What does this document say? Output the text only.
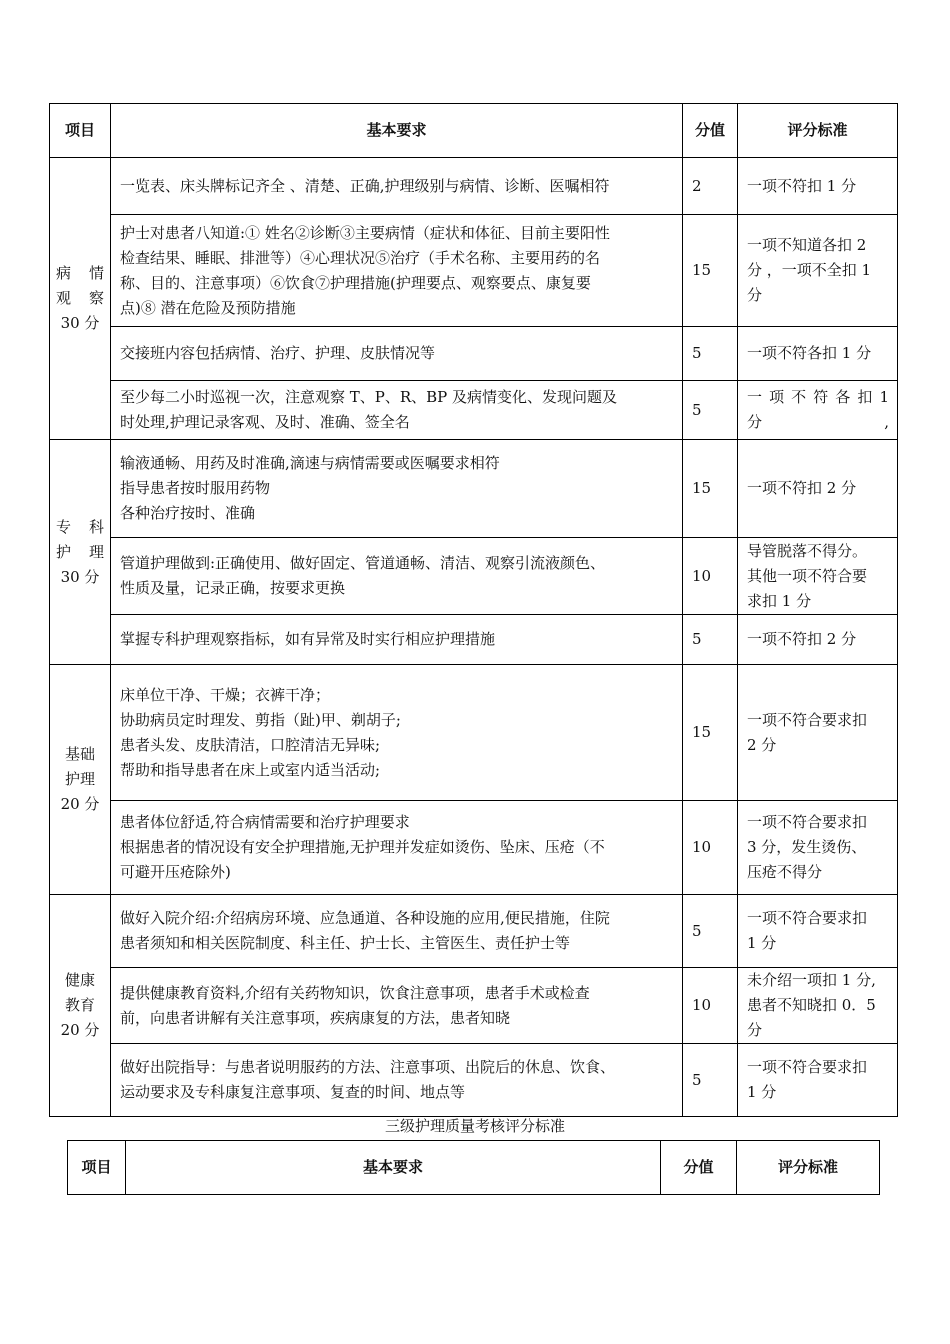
项目	基本要求	分值	评分标准

病 情
观 察
30 分	一览表、床头牌标记齐全 、清楚、正确,护理级别与病情、诊断、医嘱相符	2	一项不符扣 1 分

	护士对患者八知道:① 姓名②诊断③主要病情（症状和体征、目前主要阳性
检查结果、睡眠、排泄等）④心理状况⑤治疗（手术名称、主要用药的名
称、目的、注意事项）⑥饮食⑦护理措施(护理要点、观察要点、康复要
点)⑧ 潜在危险及预防措施	15	一项不知道各扣 2
分 ，一项不全扣 1
分

	交接班内容包括病情、治疗、护理、皮肤情况等	5	一项不符各扣 1 分

	至少每二小时巡视一次，注意观察 T、P、R、BP 及病情变化、发现问题及
时处理,护理记录客观、及时、准确、签全名	5	一 项 不 符 各 扣 1
分,

专 科
护 理
30 分	输液通畅、用药及时准确,滴速与病情需要或医嘱要求相符
指导患者按时服用药物
各种治疗按时、准确	15	一项不符扣 2 分

	管道护理做到:正确使用、做好固定、管道通畅、清洁、观察引流液颜色、
性质及量，记录正确，按要求更换	10	导管脱落不得分。
其他一项不符合要
求扣 1 分

	掌握专科护理观察指标，如有异常及时实行相应护理措施	5	一项不符扣 2 分

基础
护理
20 分	床单位干净、干燥；衣裤干净；
协助病员定时理发、剪指（趾)甲、剃胡子;
患者头发、皮肤清洁，口腔清洁无异味;
帮助和指导患者在床上或室内适当活动;	15	一项不符合要求扣
2 分

	患者体位舒适,符合病情需要和治疗护理要求
根据患者的情况设有安全护理措施,无护理并发症如烫伤、坠床、压疮（不
可避开压疮除外)	10	一项不符合要求扣
3 分，发生烫伤、
压疮不得分

健康
教育
20 分	做好入院介绍:介绍病房环境、应急通道、各种设施的应用,便民措施，住院
患者须知和相关医院制度、科主任、护士长、主管医生、责任护士等	5	一项不符合要求扣
1 分

	提供健康教育资料,介绍有关药物知识，饮食注意事项，患者手术或检查
前，向患者讲解有关注意事项，疾病康复的方法，患者知晓	10	未介绍一项扣 1 分,
患者不知晓扣 0．5
分

	做好出院指导：与患者说明服药的方法、注意事项、出院后的休息、饮食、
运动要求及专科康复注意事项、复查的时间、地点等	5	一项不符合要求扣
1 分
三级护理质量考核评分标准
项目	基本要求	分值	评分标准
